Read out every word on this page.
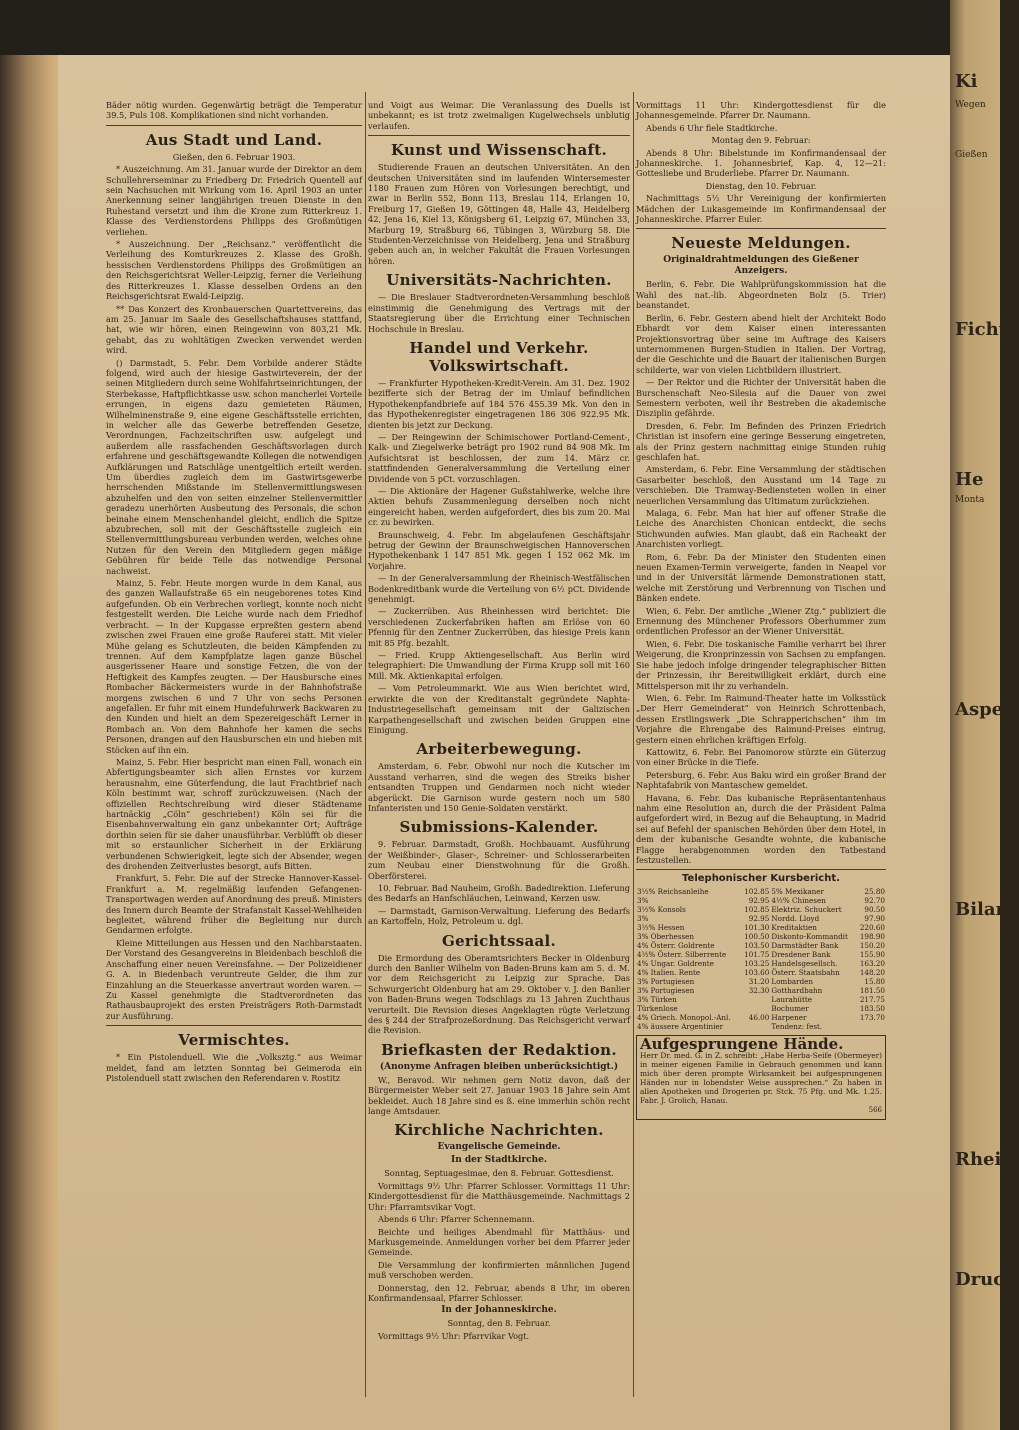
Bäder nötig wurden. Gegenwärtig beträgt die Temperatur 39.5, Puls 108. Komplikationen sind nicht vorhanden.

Aus Stadt und Land.

Gießen, den 6. Februar 1903.

* Auszeichnung. Am 31. Januar wurde der Direktor an dem Schullehrerseminar zu Friedberg Dr. Friedrich Quentell auf sein Nachsuchen mit Wirkung vom 16. April 1903 an unter Anerkennung seiner langjährigen treuen Dienste in den Ruhestand versetzt und ihm die Krone zum Ritterkreuz 1. Klasse des Verdienstordens Philipps des Großmütigen verliehen.

* Auszeichnung. Der „Reichsanz.“ veröffentlicht die Verleihung des Komturkreuzes 2. Klasse des Großh. hessischen Verdienstordens Philipps des Großmütigen an den Reichsgerichtsrat Weller-Leipzig, ferner die Verleihung des Ritterkreuzes 1. Klasse desselben Ordens an den Reichsgerichtsrat Ewald-Leipzig.

** Das Konzert des Kronbauerschen Quartettvereins, das am 25. Januar im Saale des Gesellschaftshauses stattfand, hat, wie wir hören, einen Reingewinn von 803,21 Mk. gehabt, das zu wohltätigen Zwecken verwendet werden wird.

() Darmstadt, 5. Febr. Dem Vorbilde anderer Städte folgend, wird auch der hiesige Gastwirteverein, der der seinen Mitgliedern durch seine Wohlfahrtseinrichtungen, der Sterbekasse, Haftpflichtkasse usw. schon mancherlei Vorteile errungen, in eigens dazu gemieteten Räumen, Wilhelminenstraße 9, eine eigene Geschäftsstelle errichten, in welcher alle das Gewerbe betreffenden Gesetze, Verordnungen, Fachzeitschriften usw. aufgelegt und außerdem alle rassfachenden Geschäftsvorlagen durch erfahrene und geschäftsgewandte Kollegen die notwendigen Aufklärungen und Ratschläge unentgeltlich erteilt werden. Um überdies zugleich dem im Gastwirtsgewerbe herrschenden Mißstande im Stellenvermittlungswesen abzuhelfen und den von seiten einzelner Stellenvermittler geradezu unerhörten Ausbeutung des Personals, die schon beinahe einem Menschenhandel gleicht, endlich die Spitze abzubrechen, soll mit der Geschäftsstelle zugleich ein Stellenvermittlungsbureau verbunden werden, welches ohne Nutzen für den Verein den Mitgliedern gegen mäßige Gebühren für beide Teile das notwendige Personal nachweist.

Mainz, 5. Febr. Heute morgen wurde in dem Kanal, aus des ganzen Wallaufstraße 65 ein neugeborenes totes Kind aufgefunden. Ob ein Verbrechen vorliegt, konnte noch nicht festgestellt werden. Die Leiche wurde nach dem Friedhof verbracht. — In der Kupgasse erpreßten gestern abend zwischen zwei Frauen eine große Rauferei statt. Mit vieler Mühe gelang es Schutzleuten, die beiden Kämpfenden zu trennen. Auf dem Kampfplatze lagen ganze Büschel ausgerissener Haare und sonstige Fetzen, die von der Heftigkeit des Kampfes zeugten. — Der Hausbursche eines Rombacher Bäckermeisters wurde in der Bahnhofstraße morgens zwischen 6 und 7 Uhr von sechs Personen angefallen. Er fuhr mit einem Hundefuhrwerk Backwaren zu den Kunden und hielt an dem Spezereigeschäft Lerner in Rombach an. Von dem Bahnhofe her kamen die sechs Personen, drangen auf den Hausburschen ein und hieben mit Stöcken auf ihn ein.

Mainz, 5. Febr. Hier bespricht man einen Fall, wonach ein Abfertigungsbeamter sich allen Ernstes vor kurzem herausnahm, eine Güterfendung, die laut Frachtbrief nach Köln bestimmt war, schroff zurückzuweisen. (Nach der offiziellen Rechtschreibung wird dieser Städtename hartnäckig „Cöln“ geschrieben!) Köln sei für die Eisenbahnverwaltung ein ganz unbekannter Ort; Aufträge dorthin seien für sie daher unausführbar. Verblüfft ob dieser mit so erstaunlicher Sicherheit in der Erklärung verbundenen Schwierigkeit, legte sich der Absender, wegen des drohenden Zeitverlustes besorgt, aufs Bitten.

Frankfurt, 5. Febr. Die auf der Strecke Hannover-Kassel-Frankfurt a. M. regelmäßig laufenden Gefangenen-Transportwagen werden auf Anordnung des preuß. Ministers des Innern durch Beamte der Strafanstalt Kassel-Wehlheiden begleitet, während früher die Begleitung nur durch Gendarmen erfolgte.

Kleine Mitteilungen aus Hessen und den Nachbarstaaten. Der Vorstand des Gesangvereins in Bleidenbach beschloß die Anschaffung einer neuen Vereinsfahne. — Der Polizeidiener G. A. in Biedenbach veruntreute Gelder, die ihm zur Einzahlung an die Steuerkasse anvertraut worden waren. — Zu Kassel genehmigte die Stadtverordneten das Rathausbauprojekt des ersten Preisträgers Roth-Darmstadt zur Ausführung.

Vermischtes.

* Ein Pistolenduell. Wie die „Volksztg.“ aus Weimar meldet, fand am letzten Sonntag bei Geimeroda ein Pistolenduell statt zwischen den Referendaren v. Rostitz

und Voigt aus Weimar. Die Veranlassung des Duells ist unbekannt; es ist trotz zweimaligen Kugelwechsels unblutig verlaufen.

Kunst und Wissenschaft.

Studierende Frauen an deutschen Universitäten. An den deutschen Universitäten sind im laufenden Wintersemester 1180 Frauen zum Hören von Vorlesungen berechtigt, und zwar in Berlin 552, Bonn 113, Breslau 114, Erlangen 10, Freiburg 17, Gießen 19, Göttingen 48, Halle 43, Heidelberg 42, Jena 16, Kiel 13, Königsberg 61, Leipzig 67, München 33, Marburg 19, Straßburg 66, Tübingen 3, Würzburg 58. Die Studenten-Verzeichnisse von Heidelberg, Jena und Straßburg geben auch an, in welcher Fakultät die Frauen Vorlesungen hören.

Universitäts-Nachrichten.

— Die Breslauer Stadtverordneten-Versammlung beschloß einstimmig die Genehmigung des Vertrags mit der Staatsregierung über die Errichtung einer Technischen Hochschule in Breslau.

Handel und Verkehr. Volkswirtschaft.

— Frankfurter Hypotheken-Kredit-Verein. Am 31. Dez. 1902 bezifferte sich der Betrag der im Umlauf befindlichen Hypothekenpfandbriefe auf 184 576 455.39 Mk. Von den in das Hypothekenregister eingetragenen 186 306 922.95 Mk. dienten bis jetzt zur Deckung.

— Der Reingewinn der Schimischower Portland-Cement-, Kalk- und Ziegelwerke beträgt pro 1902 rund 84 908 Mk. Im Aufsichtsrat ist beschlossen, der zum 14. März cr. stattfindenden Generalversammlung die Verteilung einer Dividende von 5 pCt. vorzuschlagen.

— Die Aktionäre der Hagener Gußstahlwerke, welche ihre Aktien behufs Zusammenlegung derselben noch nicht eingereicht haben, werden aufgefordert, dies bis zum 20. Mai cr. zu bewirken.

Braunschweig, 4. Febr. Im abgelaufenen Geschäftsjahr betrug der Gewinn der Braunschweigischen Hannoverschen Hypothekenbank 1 147 851 Mk. gegen 1 152 062 Mk. im Vorjahre.

— In der Generalversammlung der Rheinisch-Westfälischen Bodenkreditbank wurde die Verteilung von 6½ pCt. Dividende genehmigt.

— Zuckerrüben. Aus Rheinhessen wird berichtet: Die verschiedenen Zuckerfabriken haften am Erlöse von 60 Pfennig für den Zentner Zuckerrüben, das hiesige Preis kann mit 85 Pfg. bezahlt.

— Fried. Krupp Aktiengesellschaft. Aus Berlin wird telegraphiert: Die Umwandlung der Firma Krupp soll mit 160 Mill. Mk. Aktienkapital erfolgen.

— Vom Petroleummarkt. Wie aus Wien berichtet wird, erwirkte die von der Kreditanstalt gegründete Naphta-Industriegesellschaft gemeinsam mit der Galizischen Karpathengesellschaft und zwischen beiden Gruppen eine Einigung.

Arbeiterbewegung.

Amsterdam, 6. Febr. Obwohl nur noch die Kutscher im Ausstand verharren, sind die wegen des Streiks bisher entsandten Truppen und Gendarmen noch nicht wieder abgerückt. Die Garnison wurde gestern noch um 580 Infanteristen und 150 Genie-Soldaten verstärkt.

Submissions-Kalender.

9. Februar. Darmstadt, Großh. Hochbauamt. Ausführung der Weißbinder-, Glaser-, Schreiner- und Schlosserarbeiten zum Neubau einer Dienstwohnung für die Großh. Oberförsterei.

10. Februar. Bad Nauheim, Großh. Badedirektion. Lieferung des Bedarfs an Hanfschläuchen, Leinwand, Kerzen usw.

— Darmstadt, Garnison-Verwaltung. Lieferung des Bedarfs an Kartoffeln, Holz, Petroleum u. dgl.

Gerichtssaal.

Die Ermordung des Oberamtsrichters Becker in Oldenburg durch den Banlier Wilhelm von Baden-Bruns kam am 5. d. M. vor dem Reichsgericht zu Leipzig zur Sprache. Das Schwurgericht Oldenburg hat am 29. Oktober v. J. den Banlier von Baden-Bruns wegen Todschlags zu 13 Jahren Zuchthaus verurteilt. Die Revision dieses Angeklagten rügte Verletzung des § 244 der Strafprozeßordnung. Das Reichsgericht verwarf die Revision.

Briefkasten der Redaktion.
(Anonyme Anfragen bleiben unberücksichtigt.)

W., Beravod. Wir nehmen gern Notiz davon, daß der Bürgermeister Weber seit 27. Januar 1903 18 Jahre sein Amt bekleidet. Auch 18 Jahre sind es ß. eine immerhin schön recht lange Amtsdauer.

Kirchliche Nachrichten.
Evangelische Gemeinde.
In der Stadtkirche.

Sonntag, Septuagesimae, den 8. Februar. Gottesdienst.

Vormittags 9½ Uhr: Pfarrer Schlosser. Vormittags 11 Uhr: Kindergottesdienst für die Matthäusgemeinde. Nachmittags 2 Uhr: Pfarramtsvikar Vogt.

Abends 6 Uhr: Pfarrer Schennemann.

Beichte und heiliges Abendmahl für Matthäus- und Markusgemeinde. Anmeldungen vorher bei dem Pfarrer jeder Gemeinde.

Die Versammlung der konfirmierten männlichen Jugend muß verschoben werden.

Donnerstag, den 12. Februar, abends 8 Uhr, im oberen Konfirmandensaal, Pfarrer Schlosser.

In der Johanneskirche.

Sonntag, den 8. Februar.

Vormittags 9½ Uhr: Pfarrvikar Vogt.

Vormittags 11 Uhr: Kindergottesdienst für die Johannesgemeinde. Pfarrer Dr. Naumann.

Abends 6 Uhr fiele Stadtkirche.

Montag den 9. Februar:

Abends 8 Uhr: Bibelstunde im Konfirmandensaal der Johanneskirche. 1. Johannesbrief, Kap. 4, 12—21: Gottesliebe und Bruderliebe. Pfarrer Dr. Naumann.

Dienstag, den 10. Februar.

Nachmittags 5½ Uhr Vereinigung der konfirmierten Mädchen der Lukasgemeinde im Konfirmandensaal der Johanneskirche. Pfarrer Euler.

Neueste Meldungen.
Originaldrahtmeldungen des Gießener Anzeigers.

Berlin, 6. Febr. Die Wahlprüfungskommission hat die Wahl des nat.-lib. Abgeordneten Bolz (5. Trier) beanstandet.

Berlin, 6. Febr. Gestern abend hielt der Architekt Bodo Ebhardt vor dem Kaiser einen interessanten Projektionsvortrag über seine im Auftrage des Kaisers unternommenen Burgen-Studien in Italien. Der Vortrag, der die Geschichte und die Bauart der italienischen Burgen schilderte, war von vielen Lichtbildern illustriert.

— Der Rektor und die Richter der Universität haben die Burschenschaft Neo-Silesia auf die Dauer von zwei Semestern verboten, weil ihr Bestreben die akademische Disziplin gefährde.

Dresden, 6. Febr. Im Befinden des Prinzen Friedrich Christian ist insofern eine geringe Besserung eingetreten, als der Prinz gestern nachmittag einige Stunden ruhig geschlafen hat.

Amsterdam, 6. Febr. Eine Versammlung der städtischen Gasarbeiter beschloß, den Ausstand um 14 Tage zu verschieben. Die Tramway-Bediensteten wollen in einer neuerlichen Versammlung das Ultimatum zurückziehen.

Malaga, 6. Febr. Man hat hier auf offener Straße die Leiche des Anarchisten Chonican entdeckt, die sechs Stichwunden aufwies. Man glaubt, daß ein Racheakt der Anarchisten vorliegt.

Rom, 6. Febr. Da der Minister den Studenten einen neuen Examen-Termin verweigerte, fanden in Neapel vor und in der Universität lärmende Demonstrationen statt, welche mit Zerstörung und Verbrennung von Tischen und Bänken endete.

Wien, 6. Febr. Der amtliche „Wiener Ztg.“ publiziert die Ernennung des Münchener Professors Oberhummer zum ordentlichen Professor an der Wiener Universität.

Wien, 6. Febr. Die toskanische Familie verharrt bei ihrer Weigerung, die Kronprinzessin von Sachsen zu empfangen. Sie habe jedoch infolge dringender telegraphischer Bitten der Prinzessin, ihr Bereitwilligkeit erklärt, durch eine Mittelsperson mit ihr zu verhandeln.

Wien, 6. Febr. Im Raimund-Theater hatte im Volksstück „Der Herr Gemeinderat“ von Heinrich Schrottenbach, dessen Erstlingswerk „Die Schrapperichschen“ ihm im Vorjahre die Ehrengabe des Raimund-Preises eintrug, gestern einen ehrlichen kräftigen Erfolg.

Kattowitz, 6. Febr. Bei Panomorow stürzte ein Güterzug von einer Brücke in die Tiefe.

Petersburg, 6. Febr. Aus Baku wird ein großer Brand der Naphtafabrik von Mantaschew gemeldet.

Havana, 6. Febr. Das kubanische Repräsentantenhaus nahm eine Resolution an, durch die der Präsident Palma aufgefordert wird, in Bezug auf die Behauptung, in Madrid sei auf Befehl der spanischen Behörden über dem Hotel, in dem der kubanische Gesandte wohnte, die kubanische Flagge herabgenommen worden den Tatbestand festzustellen.

Telephonischer Kursbericht.
3½% Reichsanleihe	102.85	5% Mexikaner	25.80
3%	92.95	4½% Chinesen	92.70
3½% Konsols	102.85	Elektriz. Schuckert	90.50
3%	92.95	Nordd. Lloyd	97.90
3½% Hessen	101.30	Kreditaktien	220.60
3% Oberhessen	100.50	Diskonto-Kommandit	198.90
4% Österr. Goldrente	103.50	Darmstädter Bank	150.20
4½% Österr. Silberrente	101.75	Dresdener Bank	155.90
4% Ungar. Goldrente	103.25	Handelsgesellsch.	163.20
4% Italien. Rente	103.60	Österr. Staatsbahn	148.20
3% Portugiesen	31.20	Lombarden	15.80
3% Portugiesen	32.30	Gotthardbahn	181.50
3% Türken		Laurahütte	217.75
Türkenlose		Bochumer	183.50
4% Griech. Monopol.-Anl.	46.00	Harpener	173.70
4% äussere Argentinier		Tendenz: fest.	
Aufgesprungene Hände.
Herr Dr. med. G. in Z. schreibt: „Habe Herba-Seife (Obermeyer) in meiner eigenen Familie in Gebrauch genommen und kann mich über deren prompte Wirksamkeit bei aufgesprungenen Händen nur in lobendster Weise aussprechen.“ Zu haben in allen Apotheken und Drogerien pr. Stck. 75 Pfg. und Mk. 1.25. Fabr. J. Grolich, Hanau.
566
Ki
Wegen
Gießen
Ficht
He
Monta
Aspen
Bilanz
Rhein
Druck
